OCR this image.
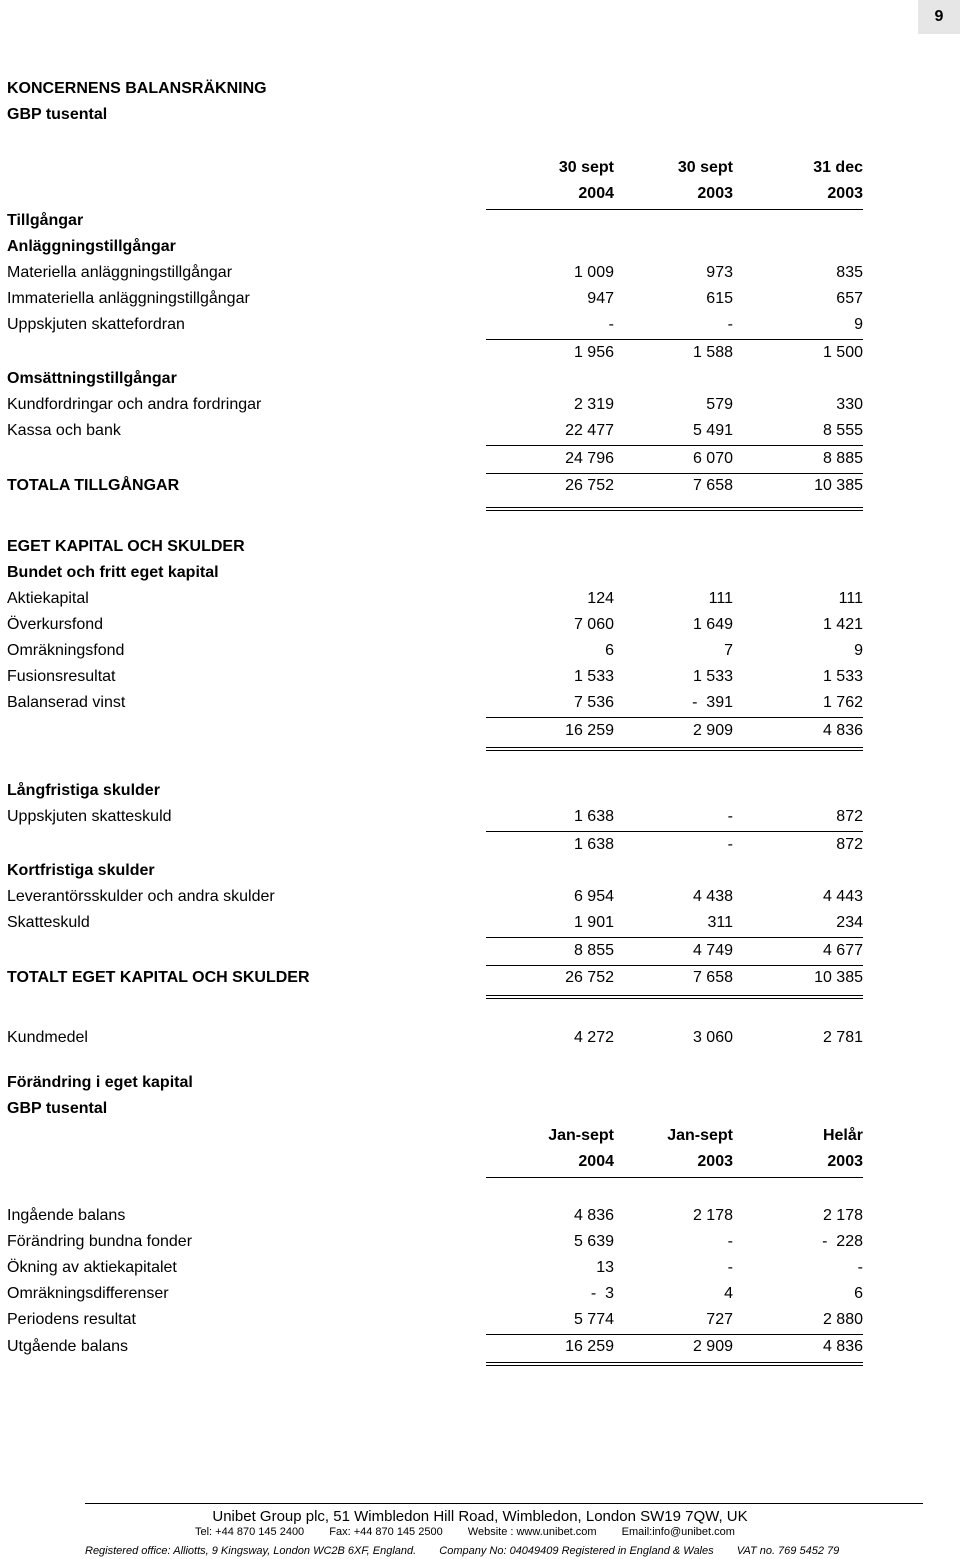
9
KONCERNENS BALANSRÄKNING
GBP tusental
30 sept	30 sept	31 dec
2004	2003	2003
Tillgångar
Anläggningstillgångar
Materiella anläggningstillgångar	1 009	973	835
Immateriella anläggningstillgångar	947	615	657
Uppskjuten skattefordran	-	-	9
1 956	1 588	1 500
Omsättningstillgångar
Kundfordringar och andra fordringar	2 319	579	330
Kassa och bank	22 477	5 491	8 555
24 796	6 070	8 885
TOTALA TILLGÅNGAR	26 752	7 658	10 385
EGET KAPITAL OCH SKULDER
Bundet och fritt eget kapital
Aktiekapital	124	111	111
Överkursfond	7 060	1 649	1 421
Omräkningsfond	6	7	9
Fusionsresultat	1 533	1 533	1 533
Balanserad vinst	7 536	-  391	1 762
16 259	2 909	4 836
Långfristiga skulder
Uppskjuten skatteskuld	1 638	-	872
1 638	-	872
Kortfristiga skulder
Leverantörsskulder och andra skulder	6 954	4 438	4 443
Skatteskuld	1 901	311	234
8 855	4 749	4 677
TOTALT EGET KAPITAL OCH SKULDER	26 752	7 658	10 385
Kundmedel	4 272	3 060	2 781
Förändring i eget kapital
GBP tusental
Jan-sept	Jan-sept	Helår
2004	2003	2003
Ingående balans	4 836	2 178	2 178
Förändring bundna fonder	5 639	-	-  228
Ökning av aktiekapitalet	13	-	-
Omräkningsdifferenser	-  3	4	6
Periodens resultat	5 774	727	2 880
Utgående balans	16 259	2 909	4 836
Unibet Group plc, 51 Wimbledon Hill Road, Wimbledon, London SW19 7QW, UK
Tel: +44 870 145 2400 Fax: +44 870 145 2500 Website : www.unibet.com Email:info@unibet.com
Registered office: Alliotts, 9 Kingsway, London WC2B 6XF, England. Company No: 04049409 Registered in England & Wales VAT no. 769 5452 79
